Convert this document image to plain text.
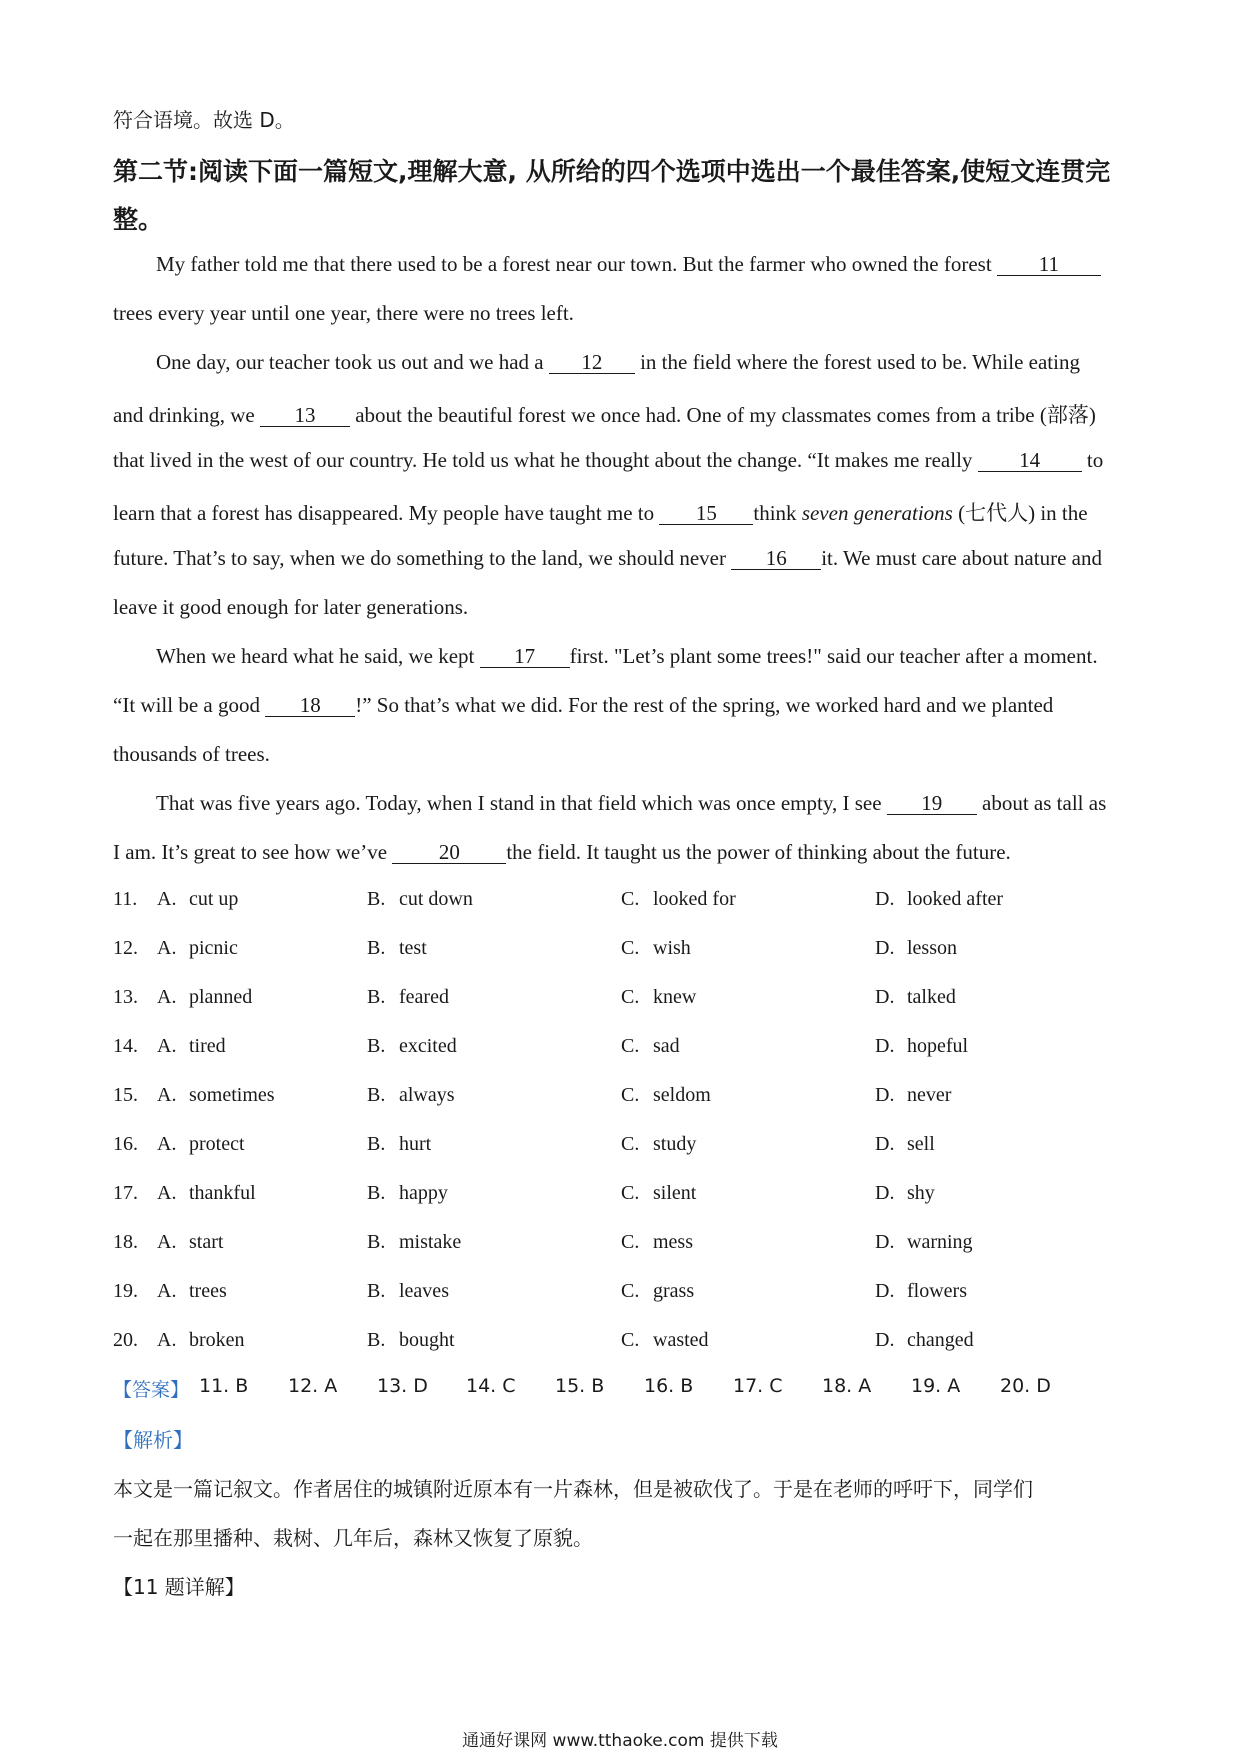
符合语境。故选 D。
第二节:阅读下面一篇短文,理解大意, 从所给的四个选项中选出一个最佳答案,使短文连贯完
整。
My father told me that there used to be a forest near our town. But the farmer who owned the forest 11
trees every year until one year, there were no trees left.
One day, our teacher took us out and we had a 12 in the field where the forest used to be. While eating
and drinking, we 13 about the beautiful forest we once had. One of my classmates comes from a tribe (部落)
that lived in the west of our country. He told us what he thought about the change. “It makes me really 14 to
learn that a forest has disappeared. My people have taught me to 15 think seven generations (七代人) in the
future. That’s to say, when we do something to the land, we should never 16 it. We must care about nature and
leave it good enough for later generations.
When we heard what he said, we kept 17 first. "Let’s plant some trees!" said our teacher after a moment.
“It will be a good 18 !” So that’s what we did. For the rest of the spring, we worked hard and we planted
thousands of trees.
That was five years ago. Today, when I stand in that field which was once empty, I see 19 about as tall as
I am. It’s great to see how we’ve 20 the field. It taught us the power of thinking about the future.
11. A. cut up	B. cut down	C. looked for	D. looked after
12. A. picnic	B. test	C. wish	D. lesson
13. A. planned	B. feared	C. knew	D. talked
14. A. tired	B. excited	C. sad	D. hopeful
15. A. sometimes	B. always	C. seldom	D. never
16. A. protect	B. hurt	C. study	D. sell
17. A. thankful	B. happy	C. silent	D. shy
18. A. start	B. mistake	C. mess	D. warning
19. A. trees	B. leaves	C. grass	D. flowers
20. A. broken	B. bought	C. wasted	D. changed
【答案】 11. B 12. A 13. D 14. C 15. B 16. B 17. C 18. A 19. A 20. D
【解析】
本文是一篇记叙文。作者居住的城镇附近原本有一片森林，但是被砍伐了。于是在老师的呼吁下，同学们
一起在那里播种、栽树、几年后，森林又恢复了原貌。
【11 题详解】
通通好课网 www.tthaoke.com 提供下载
